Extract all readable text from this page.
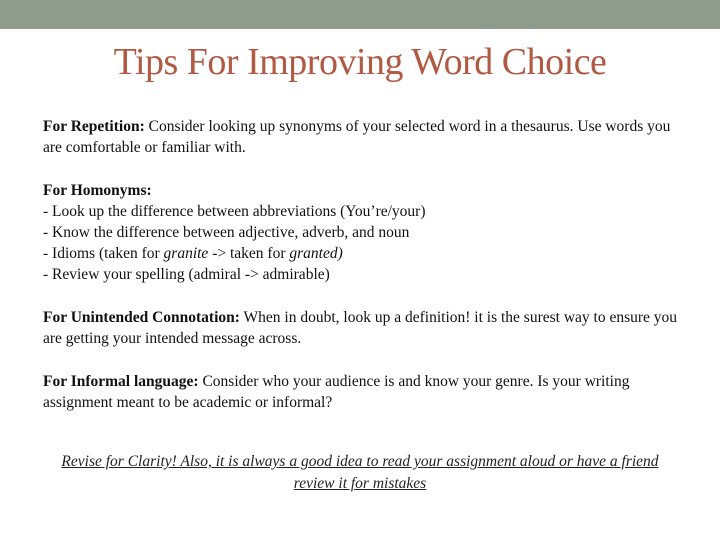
Tips For Improving Word Choice

For Repetition: Consider looking up synonyms of your selected word in a thesaurus. Use words you are comfortable or familiar with.

For Homonyms:
- Look up the difference between abbreviations (You’re/your)
- Know the difference between adjective, adverb, and noun
- Idioms (taken for granite -> taken for granted)
- Review your spelling (admiral -> admirable)

For Unintended Connotation: When in doubt, look up a definition! it is the surest way to ensure you are getting your intended message across.

For Informal language: Consider who your audience is and know your genre. Is your writing assignment meant to be academic or informal?

Revise for Clarity! Also, it is always a good idea to read your assignment aloud or have a friend review it for mistakes
